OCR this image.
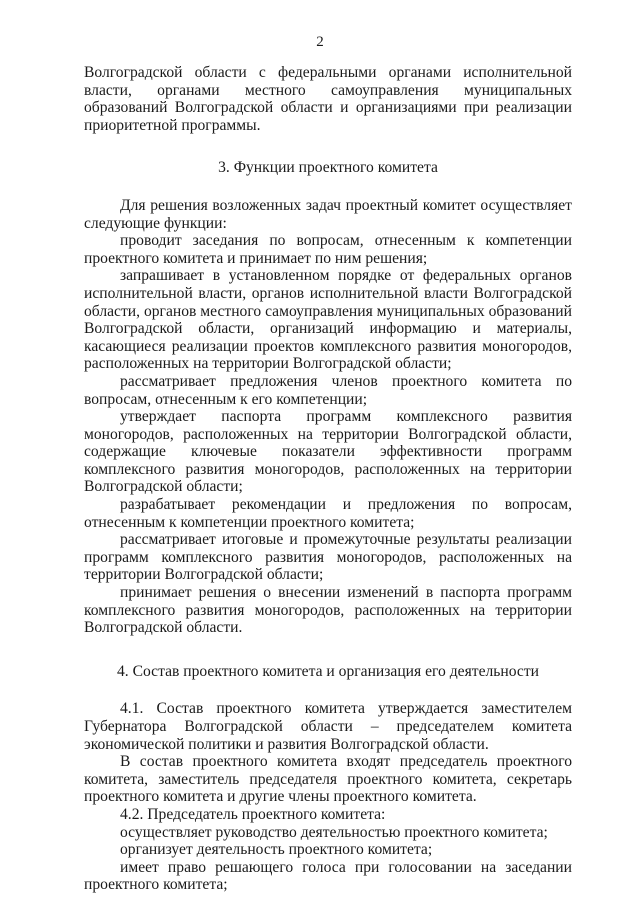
2

Волгоградской области с федеральными органами исполнительной власти, органами местного самоуправления муниципальных образований Волгоградской области и организациями при реализации приоритетной программы.

3. Функции проектного комитета

Для решения возложенных задач проектный комитет осуществляет следующие функции:

проводит заседания по вопросам, отнесенным к компетенции проектного комитета и принимает по ним решения;

запрашивает в установленном порядке от федеральных органов исполнительной власти, органов исполнительной власти Волгоградской области, органов местного самоуправления муниципальных образований Волгоградской области, организаций информацию и материалы, касающиеся реализации проектов комплексного развития моногородов, расположенных на территории Волгоградской области;

рассматривает предложения членов проектного комитета по вопросам, отнесенным к его компетенции;

утверждает паспорта программ комплексного развития моногородов, расположенных на территории Волгоградской области, содержащие ключевые показатели эффективности программ комплексного развития моногородов, расположенных на территории Волгоградской области;

разрабатывает рекомендации и предложения по вопросам, отнесенным к компетенции проектного комитета;

рассматривает итоговые и промежуточные результаты реализации программ комплексного развития моногородов, расположенных на территории Волгоградской области;

принимает решения о внесении изменений в паспорта программ комплексного развития моногородов, расположенных на территории Волгоградской области.

4. Состав проектного комитета и организация его деятельности

4.1. Состав проектного комитета утверждается заместителем Губернатора Волгоградской области – председателем комитета экономической политики и развития Волгоградской области.

В состав проектного комитета входят председатель проектного комитета, заместитель председателя проектного комитета, секретарь проектного комитета и другие члены проектного комитета.

4.2. Председатель проектного комитета:

осуществляет руководство деятельностью проектного комитета;

организует деятельность проектного комитета;

имеет право решающего голоса при голосовании на заседании проектного комитета;
